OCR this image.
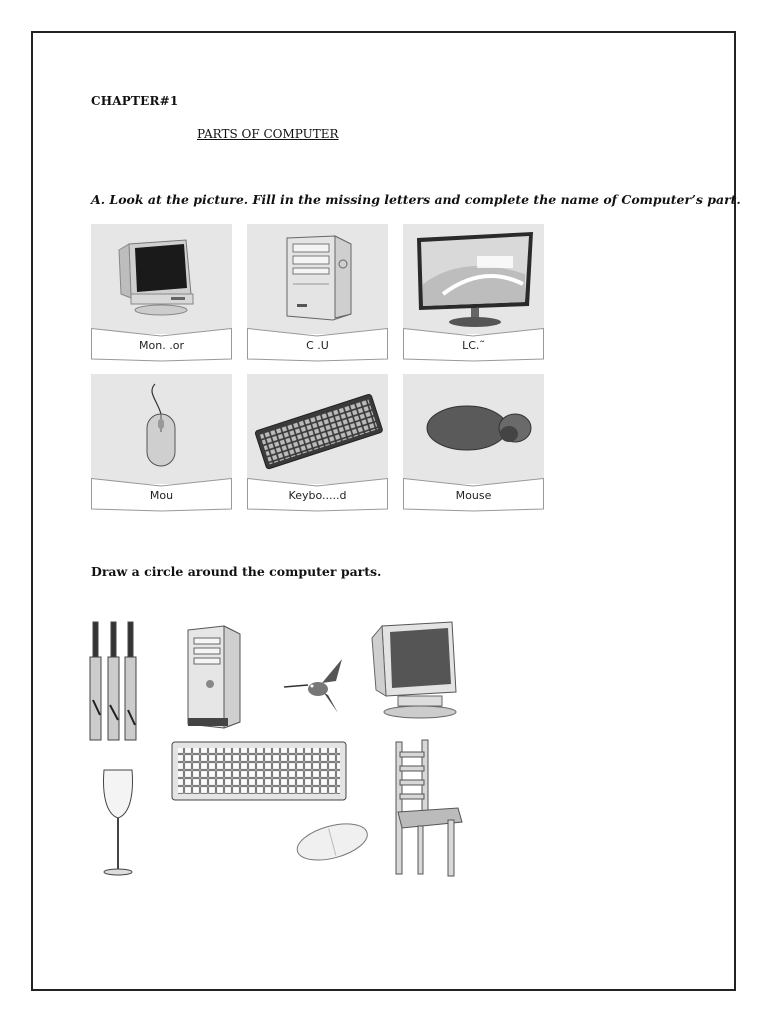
CHAPTER#1
PARTS OF COMPUTER
A. Look at the picture. Fill in the missing letters and complete the name of Computer’s part.
Mon. .or	C .U	LC.˜
Mou	Keybo.....d	Mouse
Draw a circle around the computer parts.
